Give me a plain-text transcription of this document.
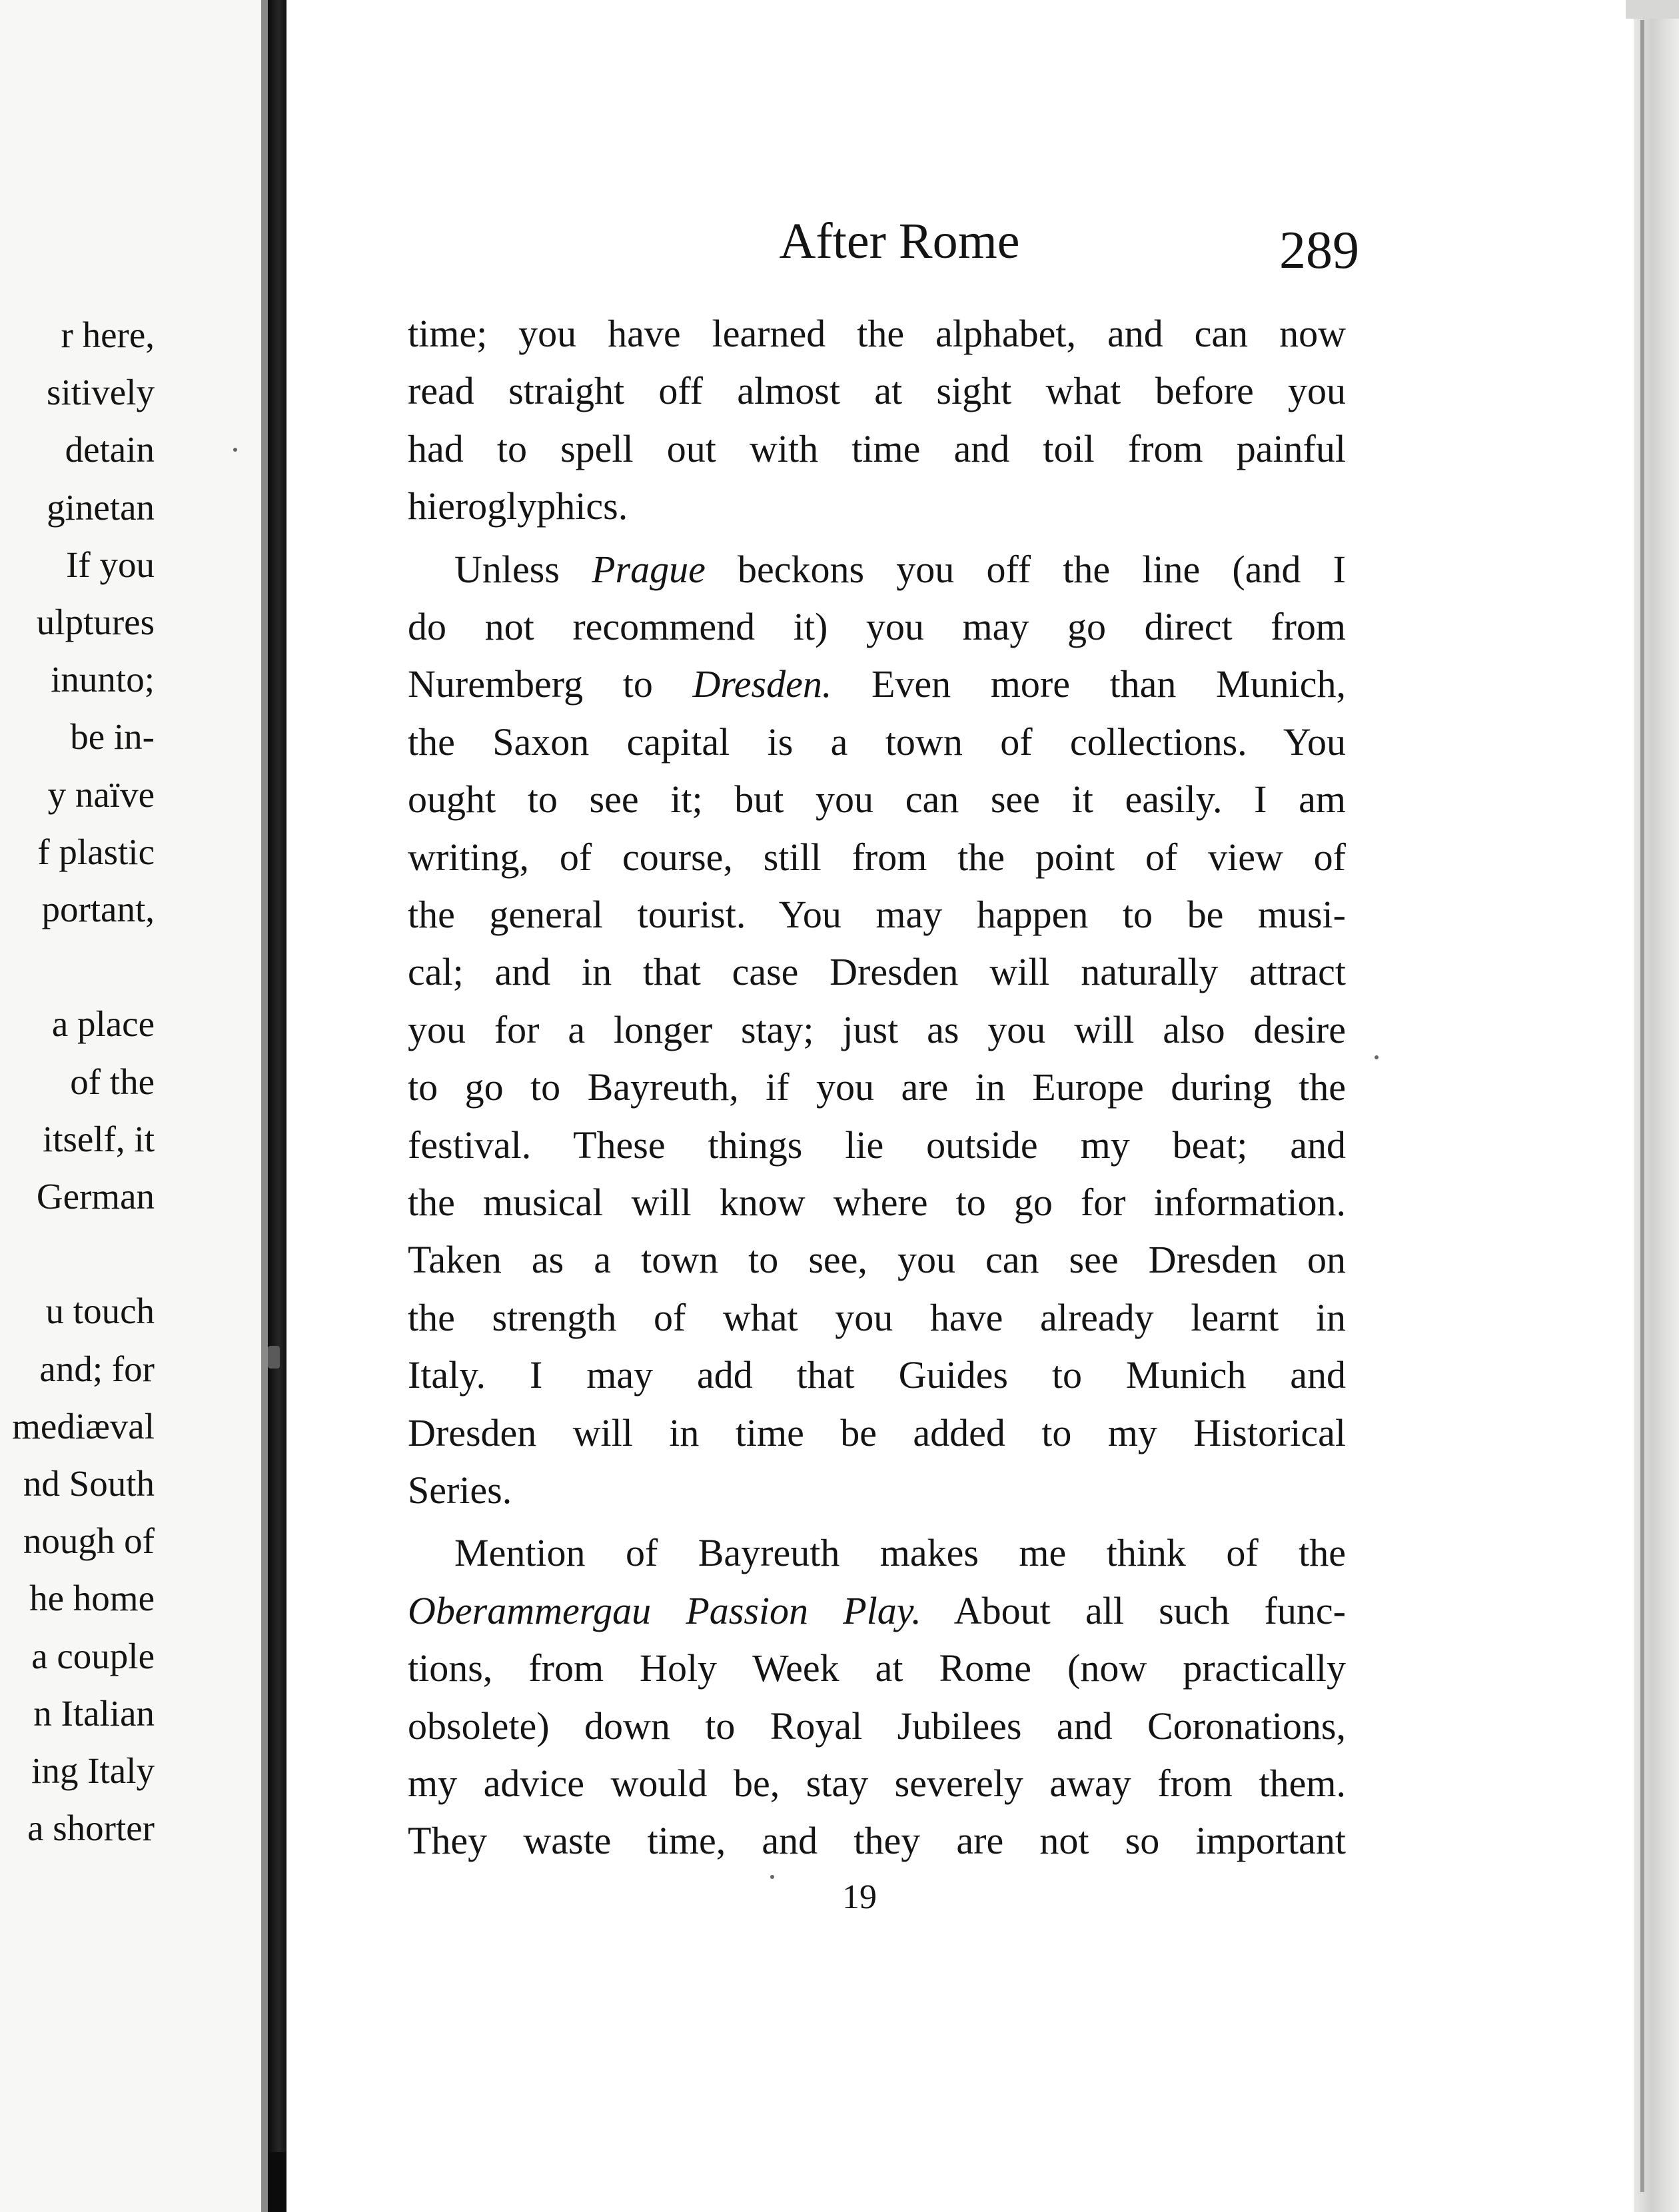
r here,
sitively
detain
ginetan
If you
ulptures
inunto;
be in-
y naïve
f plastic
portant,
a place
of the
itself, it
German
u touch
and; for
mediæval
nd South
nough of
he home
a couple
n Italian
ing Italy
a shorter
After Rome	289
time; you have learned the alphabet, and can now
read straight off almost at sight what before you
had to spell out with time and toil from painful
hieroglyphics.
Unless Prague beckons you off the line (and I
do not recommend it) you may go direct from
Nuremberg to Dresden. Even more than Munich,
the Saxon capital is a town of collections. You
ought to see it; but you can see it easily. I am
writing, of course, still from the point of view of
the general tourist. You may happen to be musi-
cal; and in that case Dresden will naturally attract
you for a longer stay; just as you will also desire
to go to Bayreuth, if you are in Europe during the
festival. These things lie outside my beat; and
the musical will know where to go for information.
Taken as a town to see, you can see Dresden on
the strength of what you have already learnt in
Italy. I may add that Guides to Munich and
Dresden will in time be added to my Historical
Series.
Mention of Bayreuth makes me think of the
Oberammergau Passion Play. About all such func-
tions, from Holy Week at Rome (now practically
obsolete) down to Royal Jubilees and Coronations,
my advice would be, stay severely away from them.
They waste time, and they are not so important
19
